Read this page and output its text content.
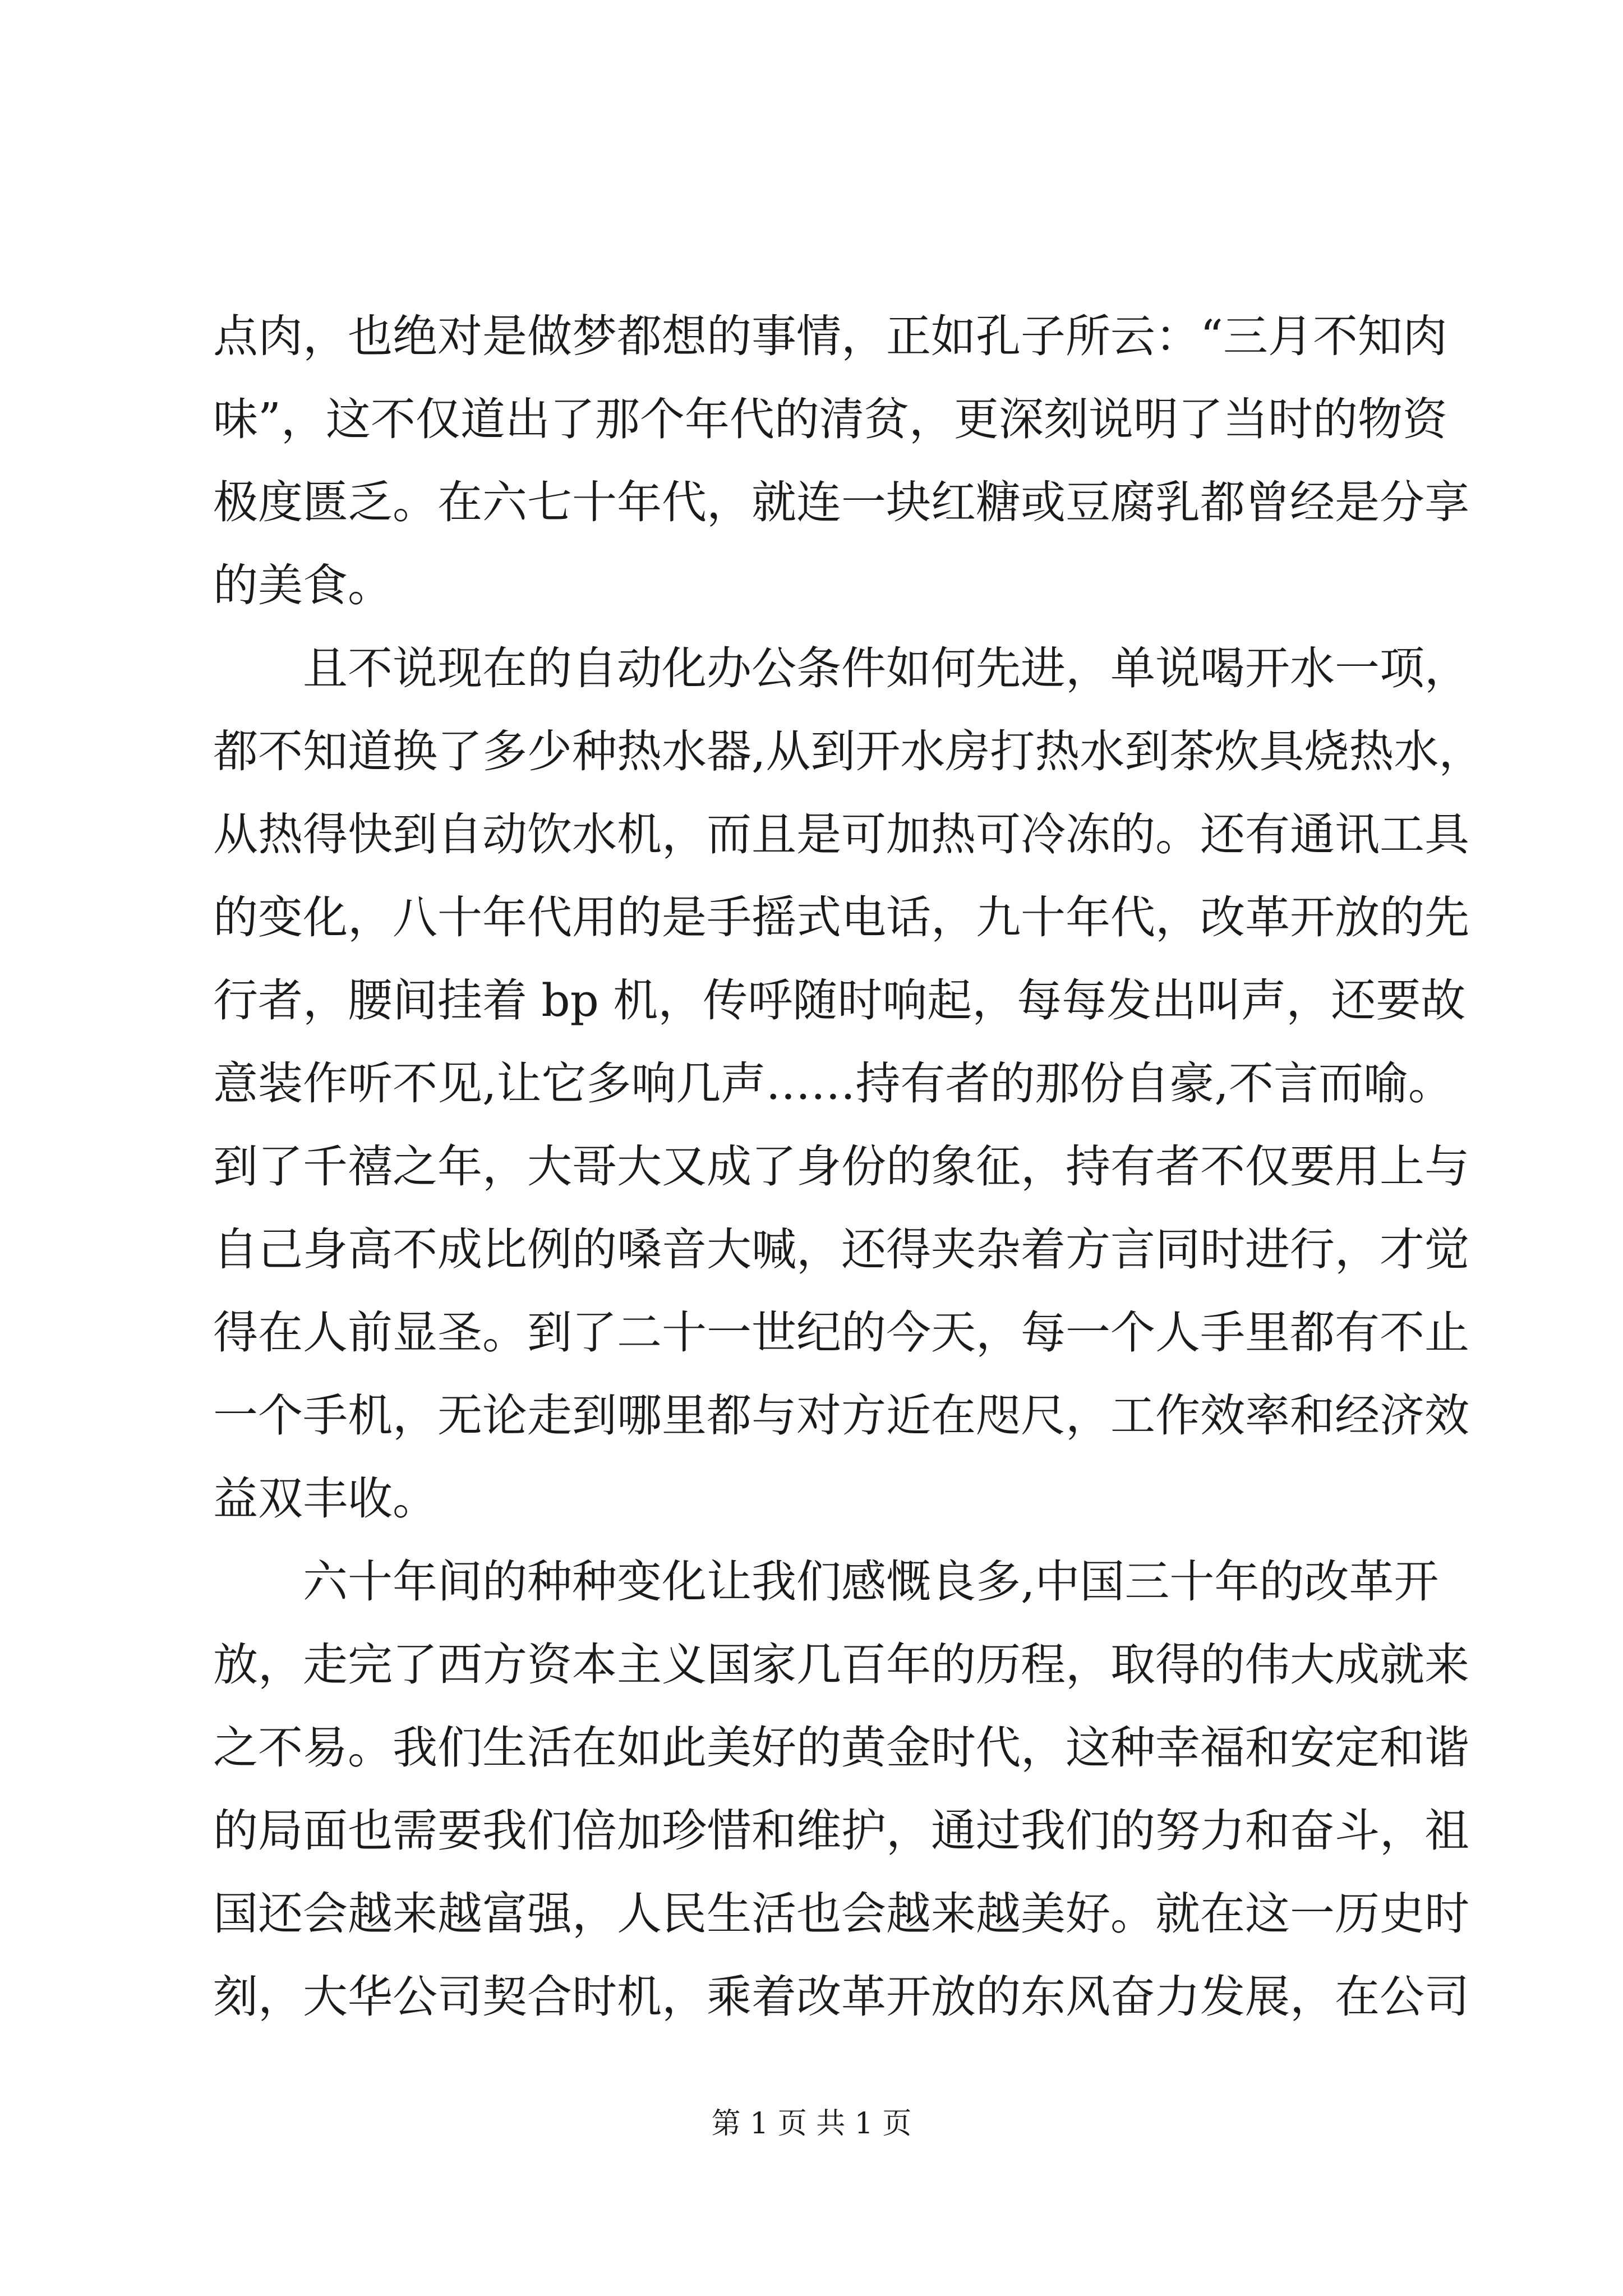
点肉，也绝对是做梦都想的事情，正如孔子所云：“三月不知肉
味”，这不仅道出了那个年代的清贫，更深刻说明了当时的物资
极度匮乏。在六七十年代，就连一块红糖或豆腐乳都曾经是分享
的美食。
且不说现在的自动化办公条件如何先进，单说喝开水一项，
都不知道换了多少种热水器,从到开水房打热水到茶炊具烧热水，
从热得快到自动饮水机，而且是可加热可冷冻的。还有通讯工具
的变化，八十年代用的是手摇式电话，九十年代，改革开放的先
行者，腰间挂着 bp 机，传呼随时响起，每每发出叫声，还要故
意装作听不见,让它多响几声……持有者的那份自豪,不言而喻。
到了千禧之年，大哥大又成了身份的象征，持有者不仅要用上与
自己身高不成比例的嗓音大喊，还得夹杂着方言同时进行，才觉
得在人前显圣。到了二十一世纪的今天，每一个人手里都有不止
一个手机，无论走到哪里都与对方近在咫尺，工作效率和经济效
益双丰收。
六十年间的种种变化让我们感慨良多,中国三十年的改革开
放，走完了西方资本主义国家几百年的历程，取得的伟大成就来
之不易。我们生活在如此美好的黄金时代，这种幸福和安定和谐
的局面也需要我们倍加珍惜和维护，通过我们的努力和奋斗，祖
国还会越来越富强，人民生活也会越来越美好。就在这一历史时
刻，大华公司契合时机，乘着改革开放的东风奋力发展，在公司
第 1 页 共 1 页
